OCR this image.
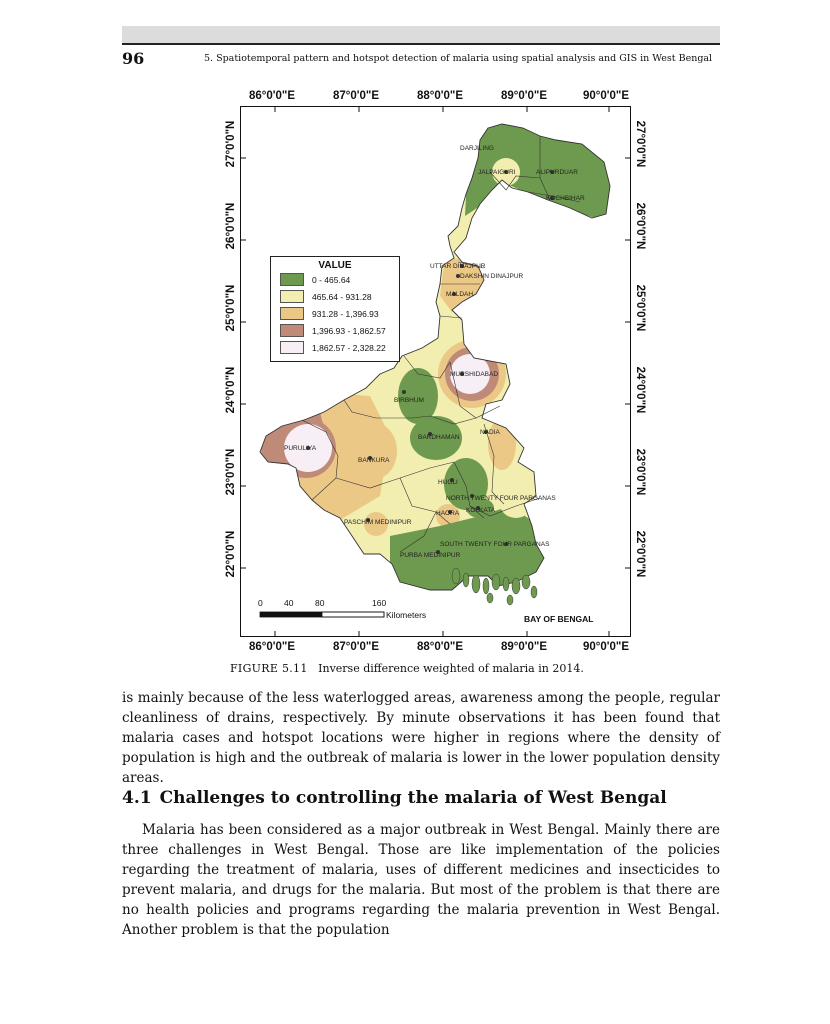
96	5. Spatiotemporal pattern and hotspot detection of malaria using spatial analysis and GIS in West Bengal
86°0'0"E	87°0'0"E	88°0'0"E	89°0'0"E	90°0'0"E
86°0'0"E	87°0'0"E	88°0'0"E	89°0'0"E	90°0'0"E
27°0'0"N
26°0'0"N
25°0'0"N
24°0'0"N
23°0'0"N
22°0'0"N
27°0'0"N
26°0'0"N
25°0'0"N
24°0'0"N
23°0'0"N
22°0'0"N
DARJILING
JALPAIGURI	ALIPURDUAR
KOCHBIHAR
UTTAR DINAJPUR
DAKSHIN DINAJPUR
MALDAH
MURSHIDABAD
BIRBHUM
NADIA
BARDHAMAN
PURULIYA
BANKURA
HUGLI
NORTH TWENTY FOUR PARGANAS
HAORA KOLKATA
PASCHIM MEDINIPUR
SOUTH TWENTY FOUR PARGANAS
PURBA MEDINIPUR
0	40	80	160
Kilometers	BAY OF BENGAL
VALUE
0 - 465.64
465.64 - 931.28
931.28 - 1,396.93
1,396.93 - 1,862.57
1,862.57 - 2,328.22
FIGURE 5.11 Inverse difference weighted of malaria in 2014.
is mainly because of the less waterlogged areas, awareness among the people, regular cleanliness of drains, respectively. By minute observations it has been found that malaria cases and hotspot locations were higher in regions where the density of population is high and the outbreak of malaria is lower in the lower population density areas.
4.1 Challenges to controlling the malaria of West Bengal
Malaria has been considered as a major outbreak in West Bengal. Mainly there are three challenges in West Bengal. Those are like implementation of the policies regarding the treatment of malaria, uses of different medicines and insecticides to prevent malaria, and drugs for the malaria. But most of the problem is that there are no health policies and programs regarding the malaria prevention in West Bengal. Another problem is that the population
